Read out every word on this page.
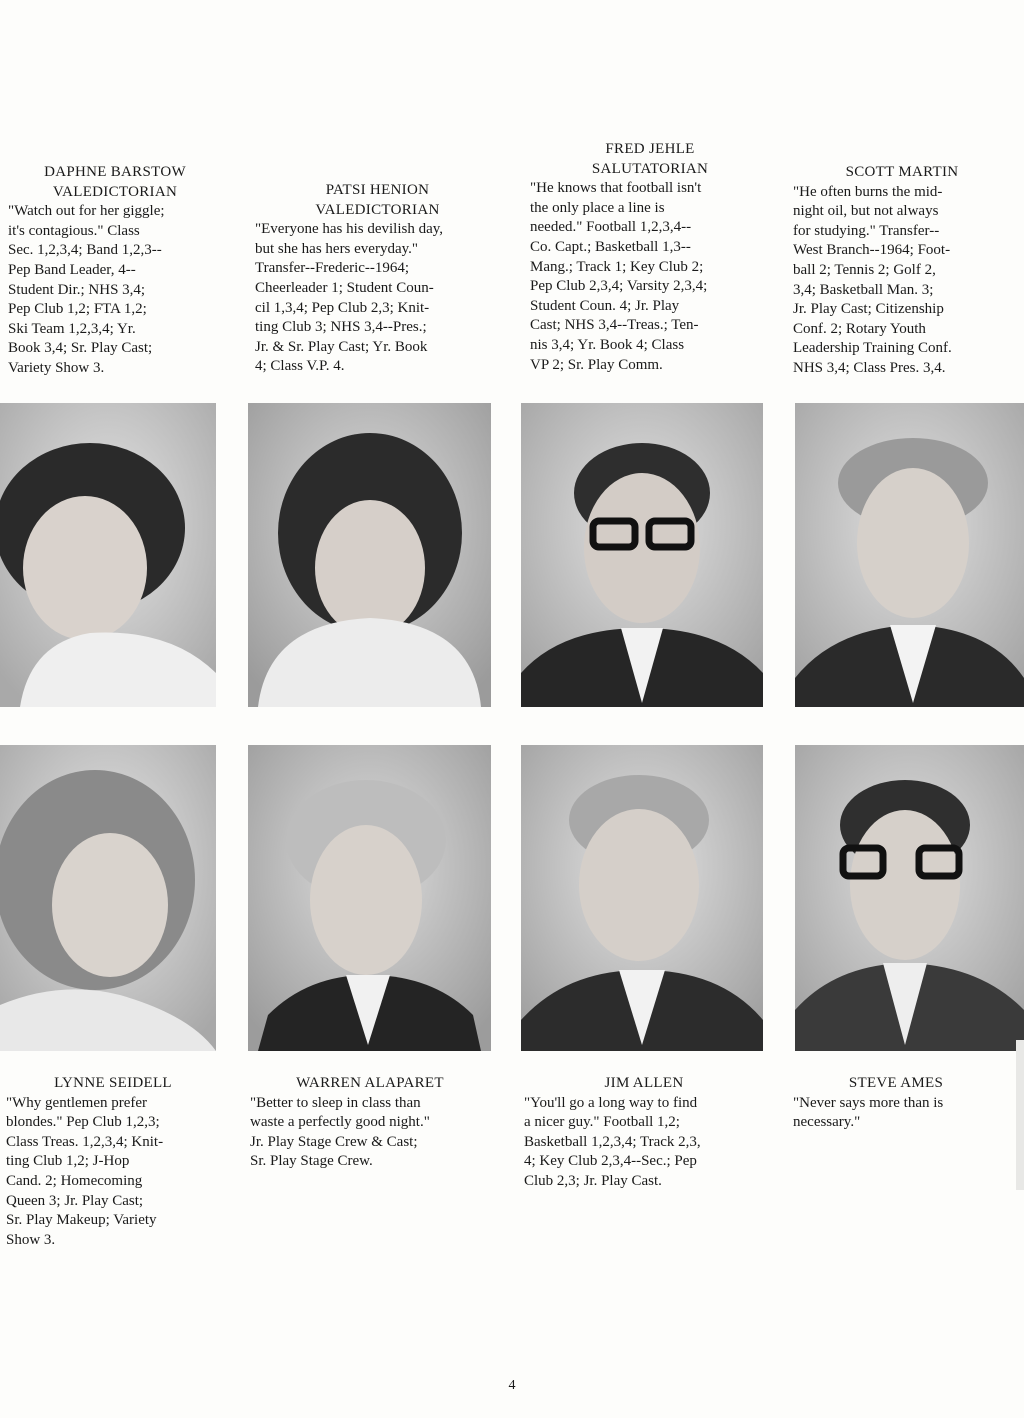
DAPHNE BARSTOW
VALEDICTORIAN
"Watch out for her giggle;
it's contagious." Class
Sec. 1,2,3,4; Band 1,2,3--
Pep Band Leader, 4--
Student Dir.; NHS 3,4;
Pep Club 1,2; FTA 1,2;
Ski Team 1,2,3,4; Yr.
Book 3,4; Sr. Play Cast;
Variety Show 3.
PATSI HENION
VALEDICTORIAN
"Everyone has his devilish day,
but she has hers everyday."
Transfer--Frederic--1964;
Cheerleader 1; Student Coun-
cil 1,3,4; Pep Club 2,3; Knit-
ting Club 3; NHS 3,4--Pres.;
Jr. & Sr. Play Cast; Yr. Book
4; Class V.P. 4.
FRED JEHLE
SALUTATORIAN
"He knows that football isn't
the only place a line is
needed." Football 1,2,3,4--
Co. Capt.; Basketball 1,3--
Mang.; Track 1; Key Club 2;
Pep Club 2,3,4; Varsity 2,3,4;
Student Coun. 4; Jr. Play
Cast; NHS 3,4--Treas.; Ten-
nis 3,4; Yr. Book 4; Class
VP 2; Sr. Play Comm.
SCOTT MARTIN
"He often burns the mid-
night oil, but not always
for studying." Transfer--
West Branch--1964; Foot-
ball 2; Tennis 2; Golf 2,
3,4; Basketball Man. 3;
Jr. Play Cast; Citizenship
Conf. 2; Rotary Youth
Leadership Training Conf.
NHS 3,4; Class Pres. 3,4.
LYNNE SEIDELL
"Why gentlemen prefer
blondes." Pep Club 1,2,3;
Class Treas. 1,2,3,4; Knit-
ting Club 1,2; J-Hop
Cand. 2; Homecoming
Queen 3; Jr. Play Cast;
Sr. Play Makeup; Variety
Show 3.
WARREN ALAPARET
"Better to sleep in class than
waste a perfectly good night."
Jr. Play Stage Crew & Cast;
Sr. Play Stage Crew.
JIM ALLEN
"You'll go a long way to find
a nicer guy." Football 1,2;
Basketball 1,2,3,4; Track 2,3,
4; Key Club 2,3,4--Sec.; Pep
Club 2,3; Jr. Play Cast.
STEVE AMES
"Never says more than is
necessary."
4
